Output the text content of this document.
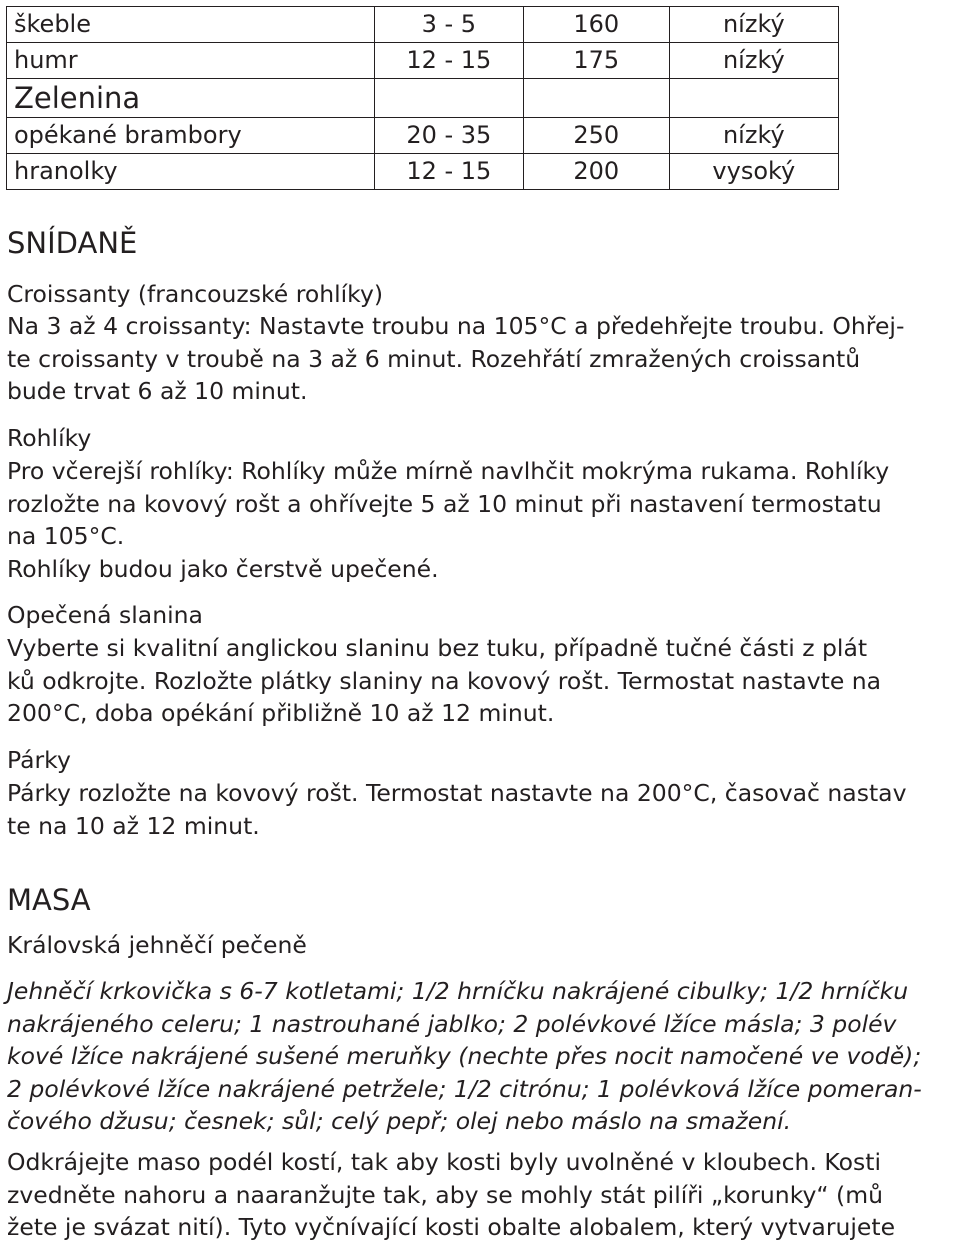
škeble	3 - 5	160	nízký
humr	12 - 15	175	nízký
Zelenina			
opékané brambory	20 - 35	250	nízký
hranolky	12 - 15	200	vysoký
SNÍDANĚ
Croissanty (francouzské rohlíky)
Na 3 až 4 croissanty: Nastavte troubu na 105°C a předehřejte troubu. Ohřej-
te croissanty v troubě na 3 až 6 minut. Rozehřátí zmražených croissantů
bude trvat 6 až 10 minut.
Rohlíky
Pro včerejší rohlíky: Rohlíky může mírně navlhčit mokrýma rukama. Rohlíky
rozložte na kovový rošt a ohřívejte 5 až 10 minut při nastavení termostatu
na 105°C.
Rohlíky budou jako čerstvě upečené.
Opečená slanina
Vyberte si kvalitní anglickou slaninu bez tuku, případně tučné části z plát
ků odkrojte. Rozložte plátky slaniny na kovový rošt. Termostat nastavte na
200°C, doba opékání přibližně 10 až 12 minut.
Párky
Párky rozložte na kovový rošt. Termostat nastavte na 200°C, časovač nastav
te na 10 až 12 minut.
MASA
Královská jehněčí pečeně
Jehněčí krkovička s 6-7 kotletami; 1/2 hrníčku nakrájené cibulky; 1/2 hrníčku
nakrájeného celeru; 1 nastrouhané jablko; 2 polévkové lžíce másla; 3 polév
kové lžíce nakrájené sušené meruňky (nechte přes nocit namočené ve vodě);
2 polévkové lžíce nakrájené petržele; 1/2 citrónu; 1 polévková lžíce pomeran-
čového džusu; česnek; sůl; celý pepř; olej nebo máslo na smažení.
Odkrájejte maso podél kostí, tak aby kosti byly uvolněné v kloubech. Kosti
zvedněte nahoru a naaranžujte tak, aby se mohly stát pilíři „korunky“ (mů
žete je svázat nití). Tyto vyčnívající kosti obalte alobalem, který vytvarujete
